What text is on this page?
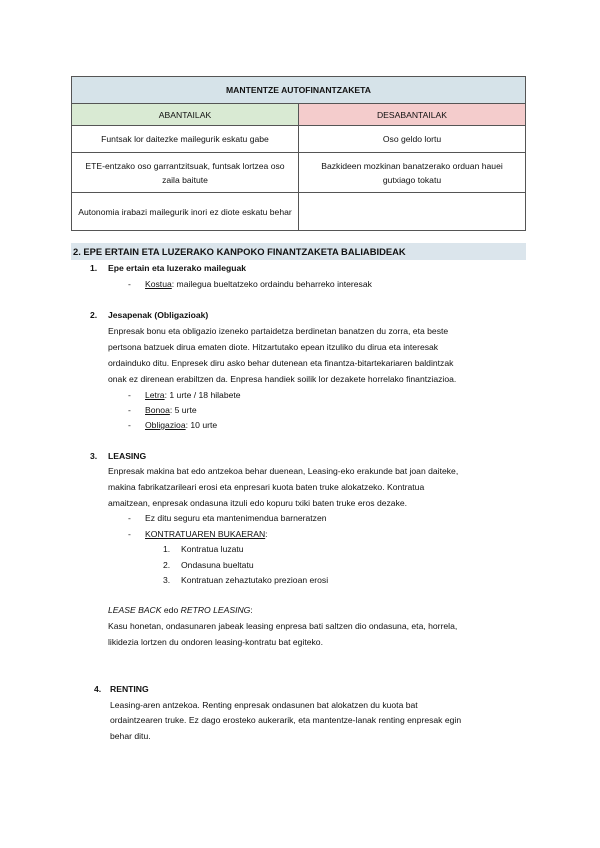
MANTENTZE AUTOFINANTZAKETA	
ABANTAILAK	DESABANTAILAK
Funtsak lor daitezke mailegurik eskatu gabe	Oso geldo lortu
ETE-entzako oso garrantzitsuak, funtsak lortzea oso zaila baitute	Bazkideen mozkinan banatzerako orduan hauei gutxiago tokatu
Autonomia irabazi mailegurik inori ez diote eskatu behar	
2. EPE ERTAIN ETA LUZERAKO KANPOKO FINANTZAKETA BALIABIDEAK
1. Epe ertain eta luzerako maileguak
- Kostua: mailegua bueltatzeko ordaindu beharreko interesak
2. Jesapenak (Obligazioak)
Enpresak bonu eta obligazio izeneko partaidetza berdinetan banatzen du zorra, eta beste
pertsona batzuek dirua ematen diote. Hitzartutako epean itzuliko du dirua eta interesak
ordainduko ditu. Enpresek diru asko behar dutenean eta finantza-bitartekariaren baldintzak
onak ez direnean erabiltzen da. Enpresa handiek soilik lor dezakete horrelako finantziazioa.
- Letra: 1 urte / 18 hilabete
- Bonoa: 5 urte
- Obligazioa: 10 urte
3. LEASING
Enpresak makina bat edo antzekoa behar duenean, Leasing-eko erakunde bat joan daiteke,
makina fabrikatzarileari erosi eta enpresari kuota baten truke alokatzeko. Kontratua
amaitzean, enpresak ondasuna itzuli edo kopuru txiki baten truke eros dezake.
- Ez ditu seguru eta mantenimendua barneratzen
- KONTRATUAREN BUKAERAN:
1. Kontratua luzatu
2. Ondasuna bueltatu
3. Kontratuan zehaztutako prezioan erosi
LEASE BACK edo RETRO LEASING:
Kasu honetan, ondasunaren jabeak leasing enpresa bati saltzen dio ondasuna, eta, horrela,
likidezia lortzen du ondoren leasing-kontratu bat egiteko.
4. RENTING
Leasing-aren antzekoa. Renting enpresak ondasunen bat alokatzen du kuota bat
ordaintzearen truke. Ez dago erosteko aukerarik, eta mantentze-lanak renting enpresak egin
behar ditu.
